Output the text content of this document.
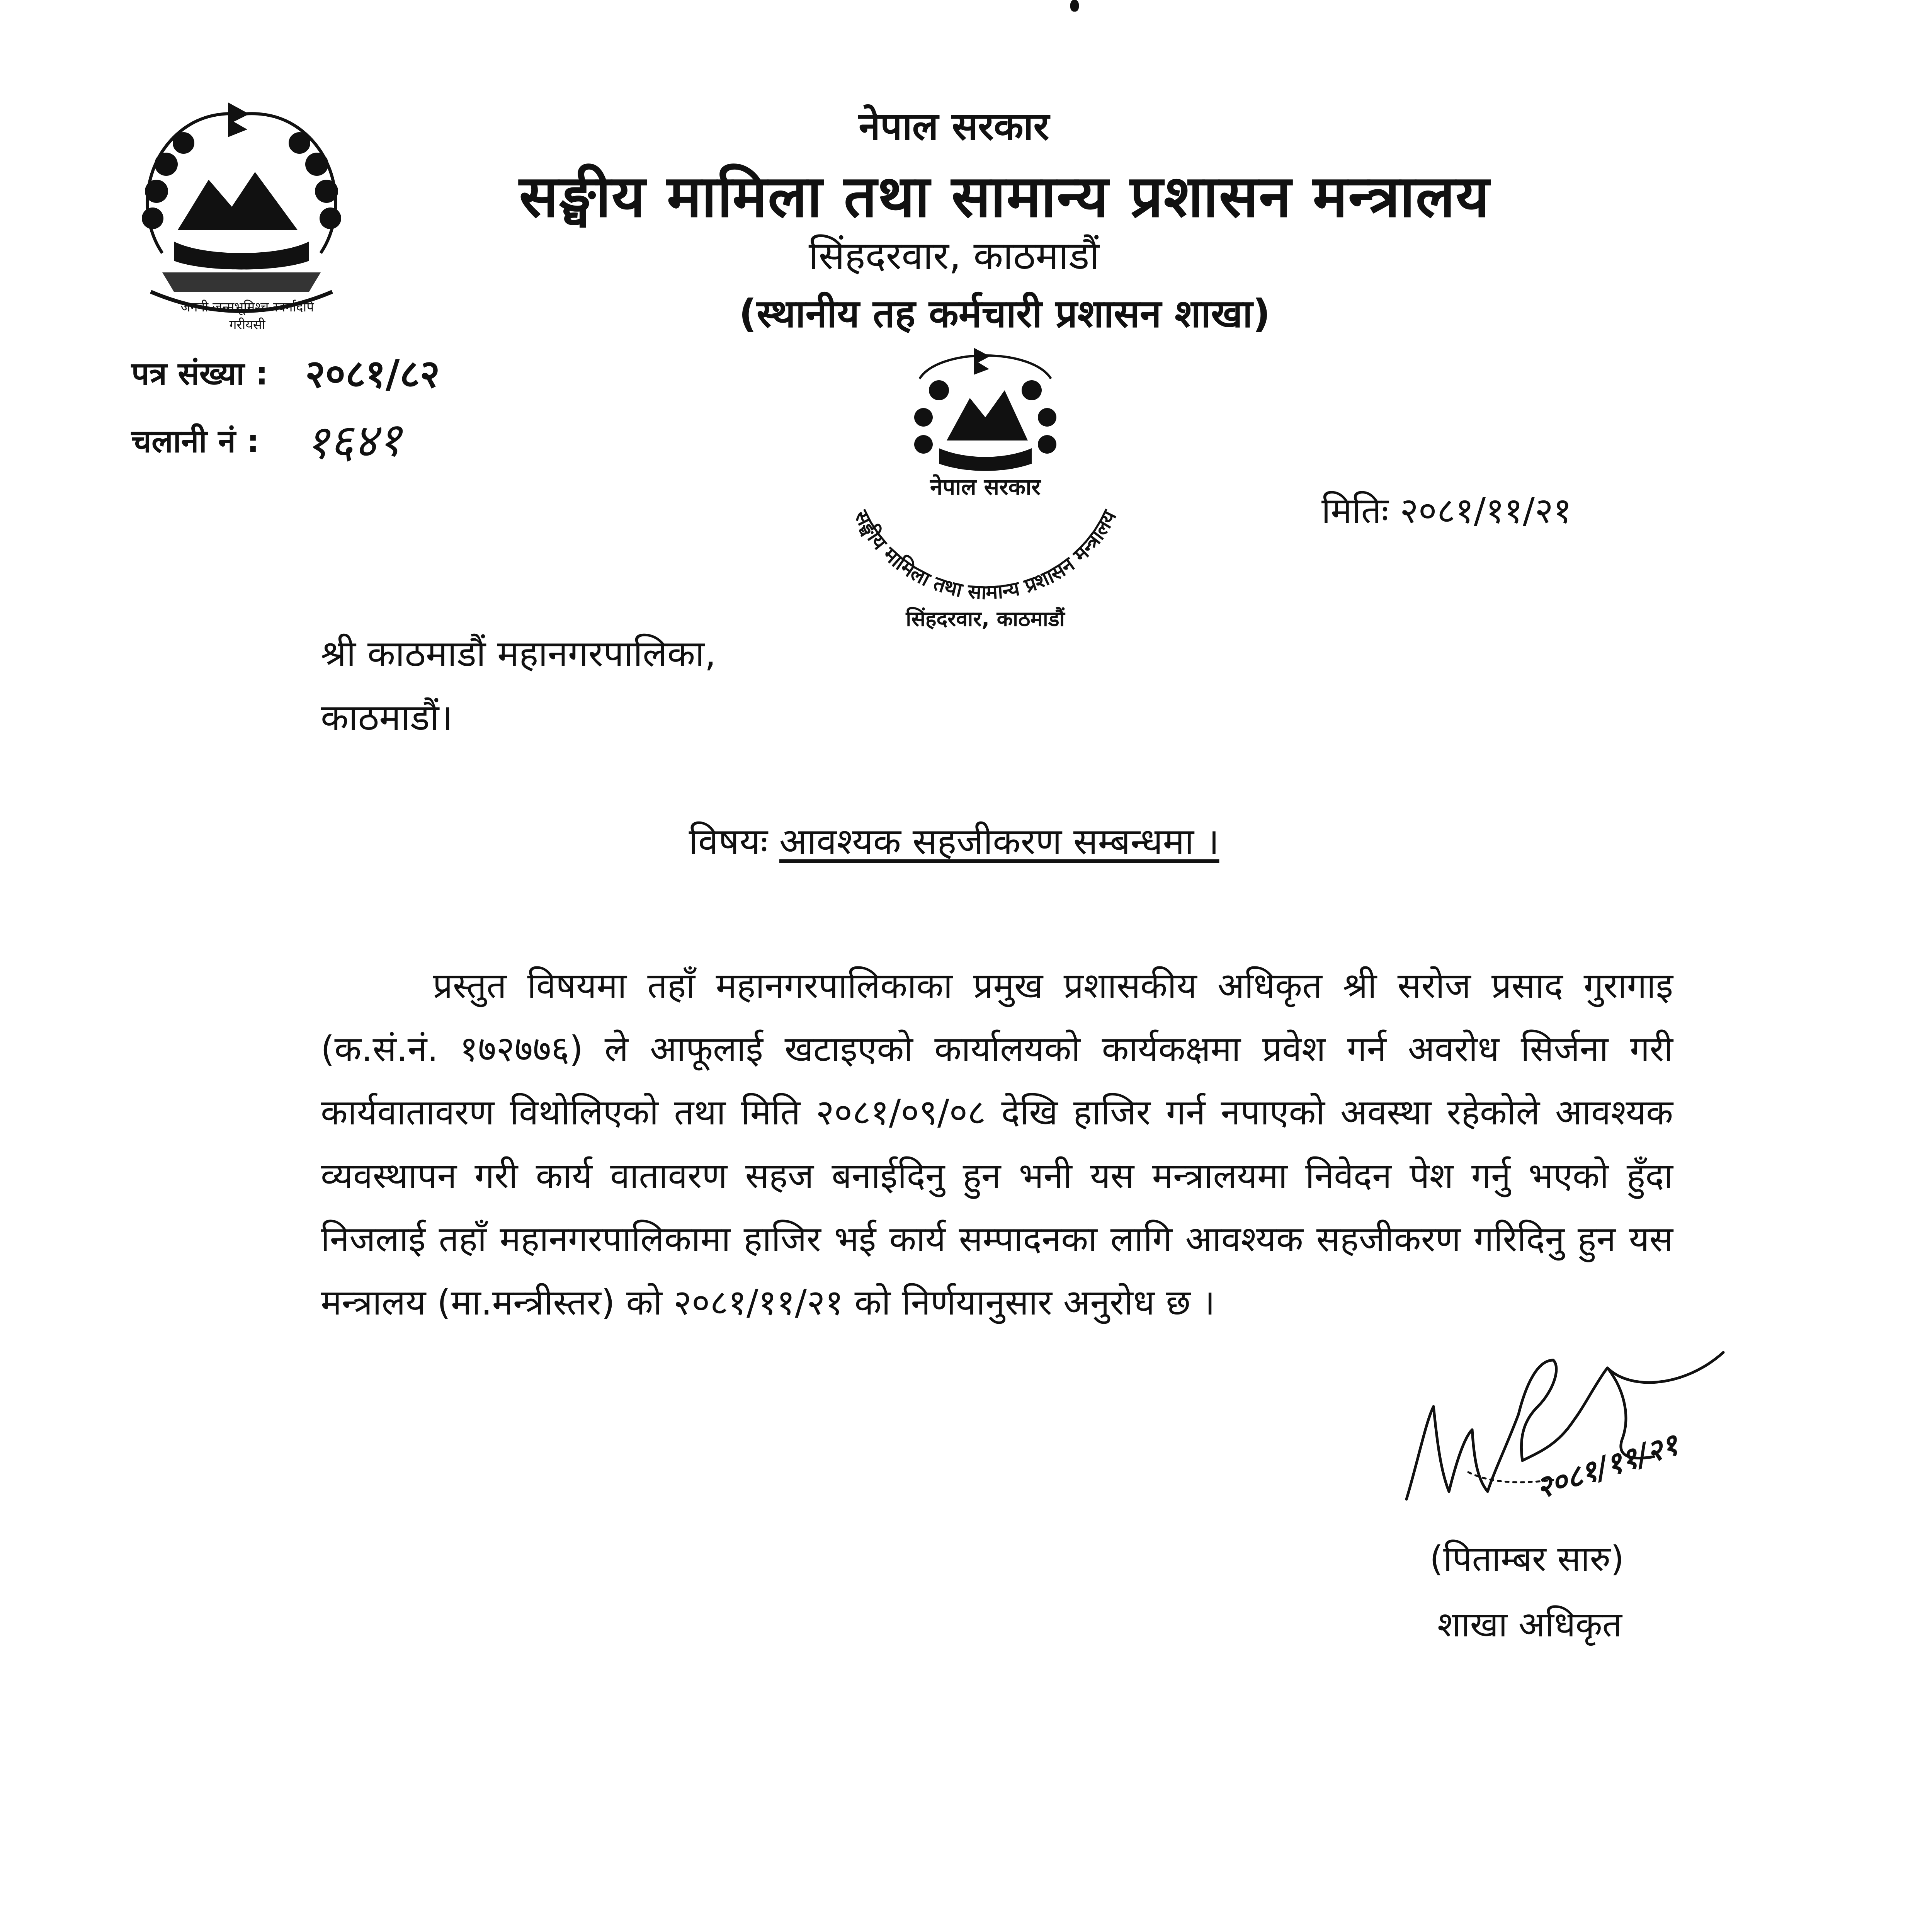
जननी जन्मभूमिश्च स्वर्गादपि गरीयसी
नेपाल सरकार
सङ्घीय मामिला तथा सामान्य प्रशासन मन्त्रालय
सिंहदरवार, काठमाडौं
(स्थानीय तह कर्मचारी प्रशासन शाखा)
पत्र संख्या : २०८१/८२
चलानी नं : १६४१
नेपाल सरकार
सङ्घीय मामिला तथा सामान्य प्रशासन मन्त्रालय
सिंहदरवार, काठमाडौं
मितिः २०८१/११/२१
श्री काठमाडौं महानगरपालिका,
काठमाडौं।
विषयः आवश्यक सहजीकरण सम्बन्धमा ।
प्रस्तुत विषयमा तहाँ महानगरपालिकाका प्रमुख प्रशासकीय अधिकृत श्री सरोज प्रसाद गुरागाइ (क.सं.नं. १७२७७६) ले आफूलाई खटाइएको कार्यालयको कार्यकक्षमा प्रवेश गर्न अवरोध सिर्जना गरी कार्यवातावरण विथोलिएको तथा मिति २०८१/०९/०८ देखि हाजिर गर्न नपाएको अवस्था रहेकोले आवश्यक व्यवस्थापन गरी कार्य वातावरण सहज बनाईदिनु हुन भनी यस मन्त्रालयमा निवेदन पेश गर्नु भएको हुँदा निजलाई तहाँ महानगरपालिकामा हाजिर भई कार्य सम्पादनका लागि आवश्यक सहजीकरण गरिदिनु हुन यस मन्त्रालय (मा.मन्त्रीस्तर) को २०८१/११/२१ को निर्णयानुसार अनुरोध छ ।
२०८१/११/२१
(पिताम्बर सारु)
शाखा अधिकृत
